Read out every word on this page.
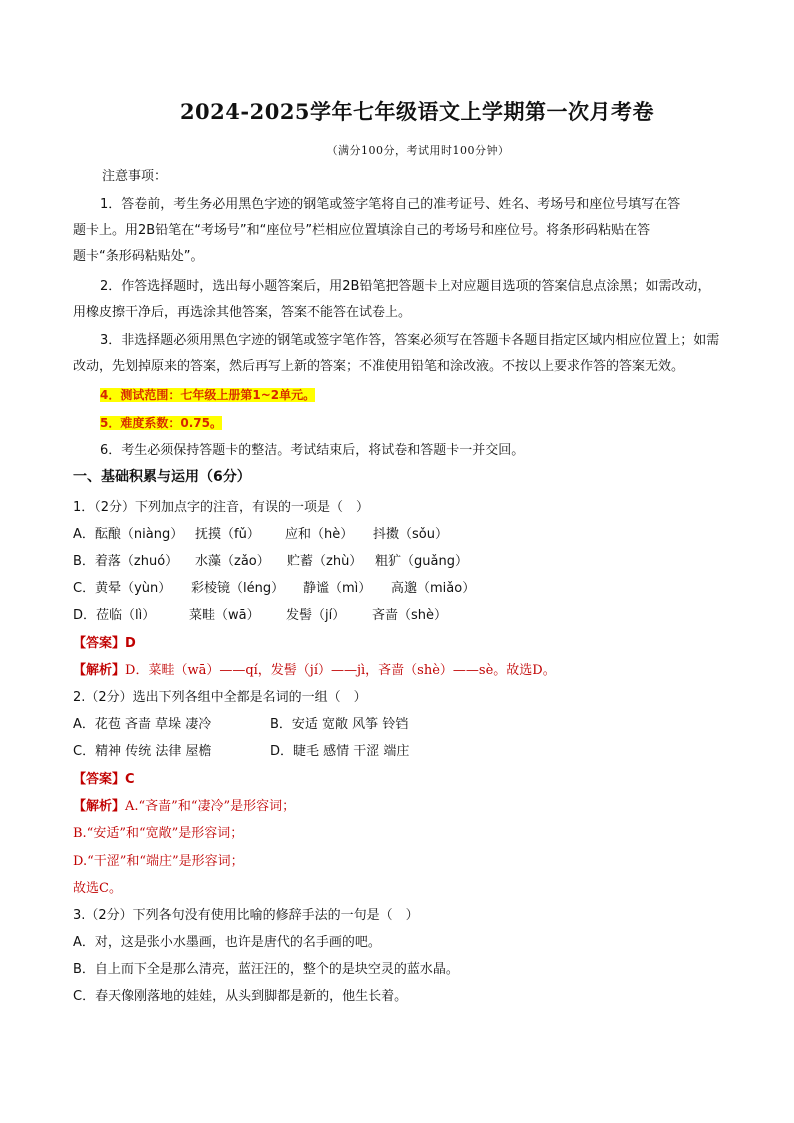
2024-2025学年七年级语文上学期第一次月考卷
（满分100分，考试用时100分钟）
注意事项：
1．答卷前，考生务必用黑色字迹的钢笔或签字笔将自己的准考证号、姓名、考场号和座位号填写在答
题卡上。用2B铅笔在“考场号”和“座位号”栏相应位置填涂自己的考场号和座位号。将条形码粘贴在答
题卡“条形码粘贴处”。
2．作答选择题时，选出每小题答案后，用2B铅笔把答题卡上对应题目选项的答案信息点涂黑；如需改动，
用橡皮擦干净后，再选涂其他答案，答案不能答在试卷上。
3．非选择题必须用黑色字迹的钢笔或签字笔作答，答案必须写在答题卡各题目指定区域内相应位置上；如需
改动，先划掉原来的答案，然后再写上新的答案；不准使用铅笔和涂改液。不按以上要求作答的答案无效。
4．测试范围：七年级上册第1~2单元。
5．难度系数：0.75。
6．考生必须保持答题卡的整洁。考试结束后，将试卷和答题卡一并交回。
一、基础积累与运用（6分）
1．（2分）下列加点字的注音，有误的一项是（　）
A．酝酿（niàng） 抚摸（fǔ）	应和（hè）	抖擞（sǒu）
B．着落（zhuó）	水藻（zǎo）	贮蓄（zhù） 粗犷（guǎng）
C．黄晕（yùn）	彩棱镜（léng）	静谧（mì）	高邈（miǎo）
D．莅临（lì）	菜畦（wā）	发髻（jí）	吝啬（shè）
【答案】D
【解析】D．菜畦（wā）——qí，发髻（jí）——jì，吝啬（shè）——sè。故选D。
2.（2分）选出下列各组中全都是名词的一组（　）
A．花苞 吝啬 草垛 凄冷	B．安适 宽敞 风筝 铃铛
C．精神 传统 法律 屋檐	D．睫毛 感情 干涩 端庄
【答案】C
【解析】A.“吝啬”和“凄冷”是形容词；
B.“安适”和“宽敞”是形容词；
D.“干涩”和“端庄”是形容词；
故选C。
3.（2分）下列各句没有使用比喻的修辞手法的一句是（　）
A．对，这是张小水墨画，也许是唐代的名手画的吧。
B．自上而下全是那么清亮，蓝汪汪的，整个的是块空灵的蓝水晶。
C．春天像刚落地的娃娃，从头到脚都是新的，他生长着。
